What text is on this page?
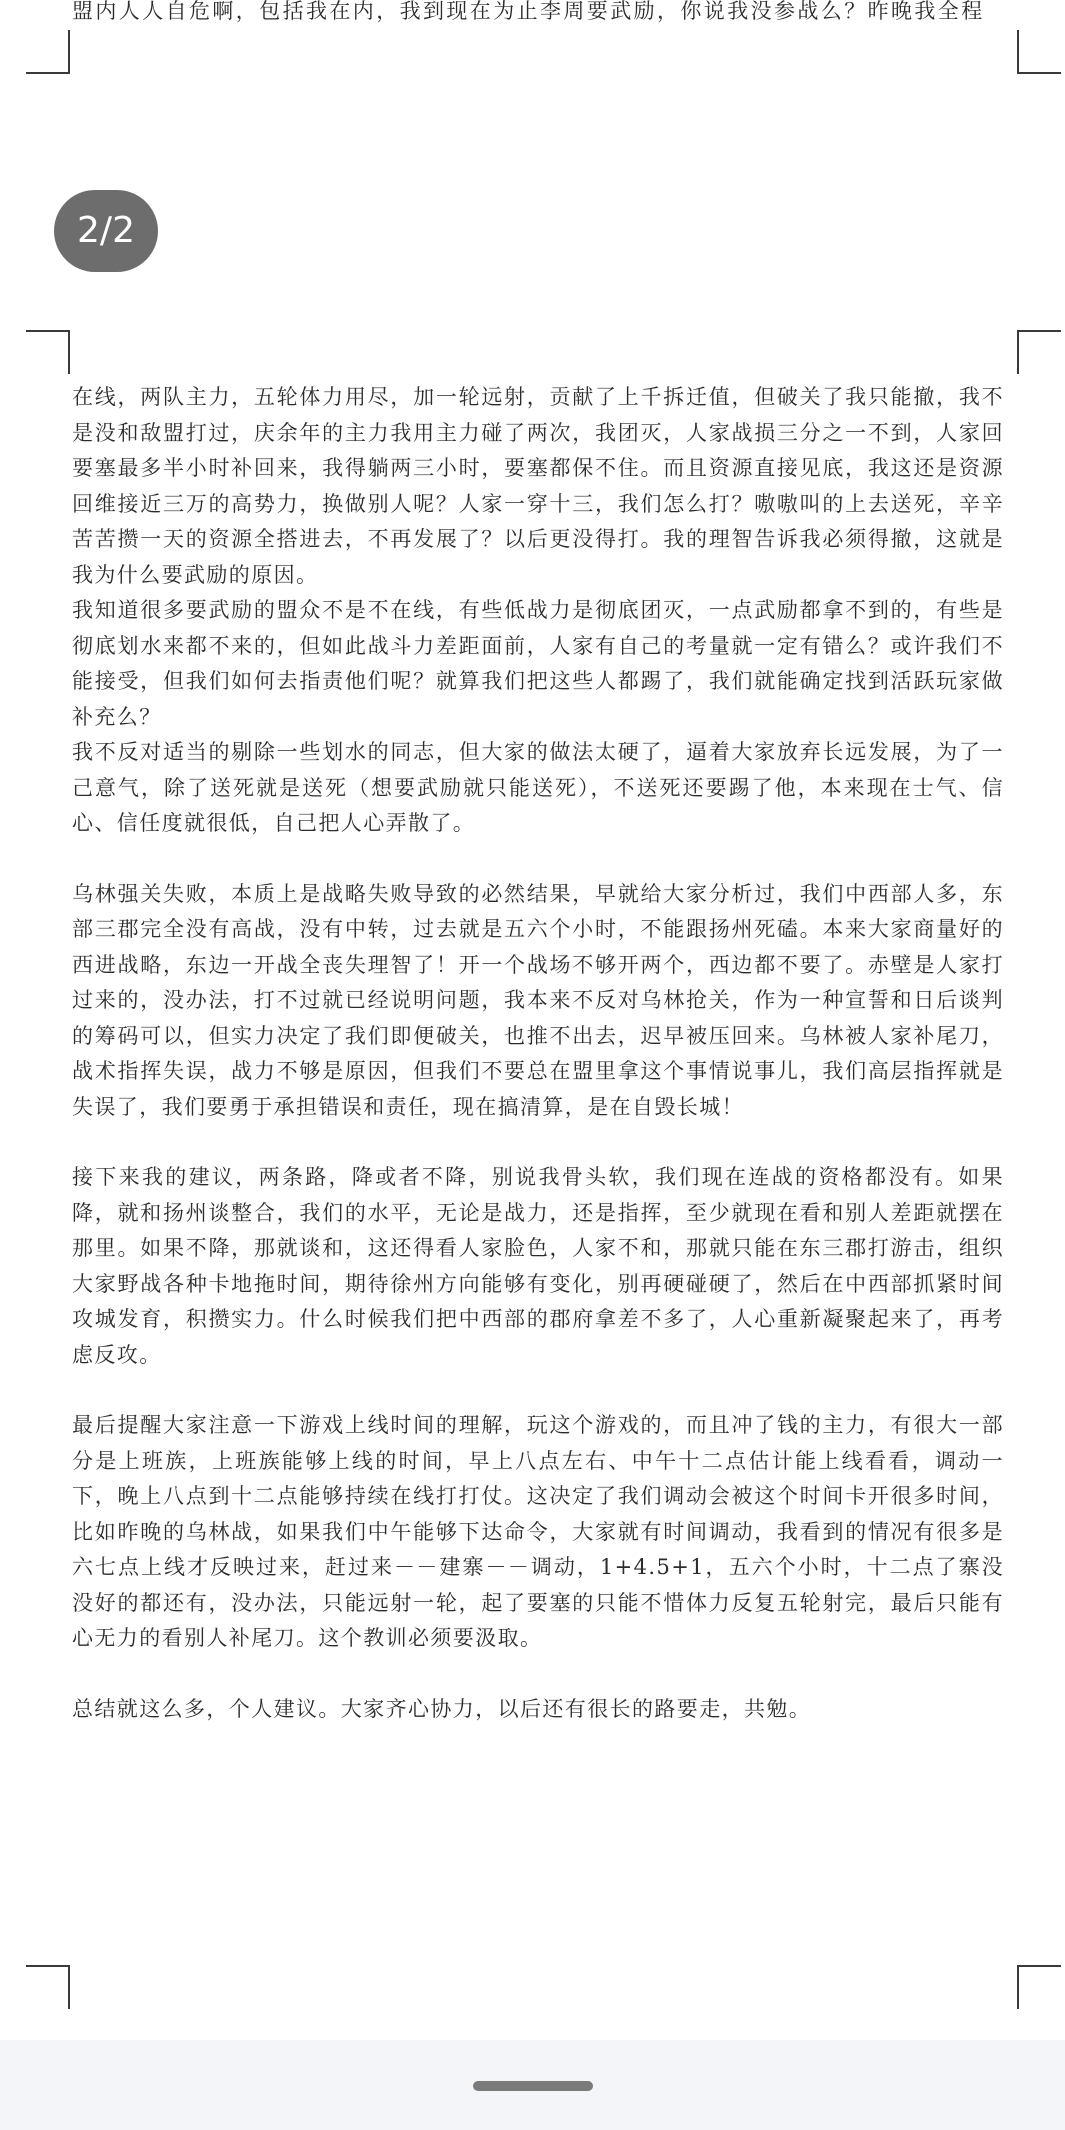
盟内人人自危啊，包括我在内，我到现在为止李周要武励，你说我没参战么？昨晚我全程
2/2

在线，两队主力，五轮体力用尽，加一轮远射，贡献了上千拆迁值，但破关了我只能撤，我不是没和敌盟打过，庆余年的主力我用主力碰了两次，我团灭，人家战损三分之一不到，人家回要塞最多半小时补回来，我得躺两三小时，要塞都保不住。而且资源直接见底，我这还是资源回维接近三万的高势力，换做别人呢？人家一穿十三，我们怎么打？嗷嗷叫的上去送死，辛辛苦苦攒一天的资源全搭进去，不再发展了？以后更没得打。我的理智告诉我必须得撤，这就是我为什么要武励的原因。

我知道很多要武励的盟众不是不在线，有些低战力是彻底团灭，一点武励都拿不到的，有些是彻底划水来都不来的，但如此战斗力差距面前，人家有自己的考量就一定有错么？或许我们不能接受，但我们如何去指责他们呢？就算我们把这些人都踢了，我们就能确定找到活跃玩家做补充么？

我不反对适当的剔除一些划水的同志，但大家的做法太硬了，逼着大家放弃长远发展，为了一己意气，除了送死就是送死（想要武励就只能送死），不送死还要踢了他，本来现在士气、信心、信任度就很低，自己把人心弄散了。

乌林强关失败，本质上是战略失败导致的必然结果，早就给大家分析过，我们中西部人多，东部三郡完全没有高战，没有中转，过去就是五六个小时，不能跟扬州死磕。本来大家商量好的西进战略，东边一开战全丧失理智了！开一个战场不够开两个，西边都不要了。赤壁是人家打过来的，没办法，打不过就已经说明问题，我本来不反对乌林抢关，作为一种宣誓和日后谈判的筹码可以，但实力决定了我们即便破关，也推不出去，迟早被压回来。乌林被人家补尾刀，战术指挥失误，战力不够是原因，但我们不要总在盟里拿这个事情说事儿，我们高层指挥就是失误了，我们要勇于承担错误和责任，现在搞清算，是在自毁长城！

接下来我的建议，两条路，降或者不降，别说我骨头软，我们现在连战的资格都没有。如果降，就和扬州谈整合，我们的水平，无论是战力，还是指挥，至少就现在看和别人差距就摆在那里。如果不降，那就谈和，这还得看人家脸色，人家不和，那就只能在东三郡打游击，组织大家野战各种卡地拖时间，期待徐州方向能够有变化，别再硬碰硬了，然后在中西部抓紧时间攻城发育，积攒实力。什么时候我们把中西部的郡府拿差不多了，人心重新凝聚起来了，再考虑反攻。

最后提醒大家注意一下游戏上线时间的理解，玩这个游戏的，而且冲了钱的主力，有很大一部分是上班族，上班族能够上线的时间，早上八点左右、中午十二点估计能上线看看，调动一下，晚上八点到十二点能够持续在线打打仗。这决定了我们调动会被这个时间卡开很多时间，比如昨晚的乌林战，如果我们中午能够下达命令，大家就有时间调动，我看到的情况有很多是六七点上线才反映过来，赶过来－－建寨－－调动，1+4.5+1，五六个小时，十二点了寨没没好的都还有，没办法，只能远射一轮，起了要塞的只能不惜体力反复五轮射完，最后只能有心无力的看别人补尾刀。这个教训必须要汲取。

总结就这么多，个人建议。大家齐心协力，以后还有很长的路要走，共勉。
